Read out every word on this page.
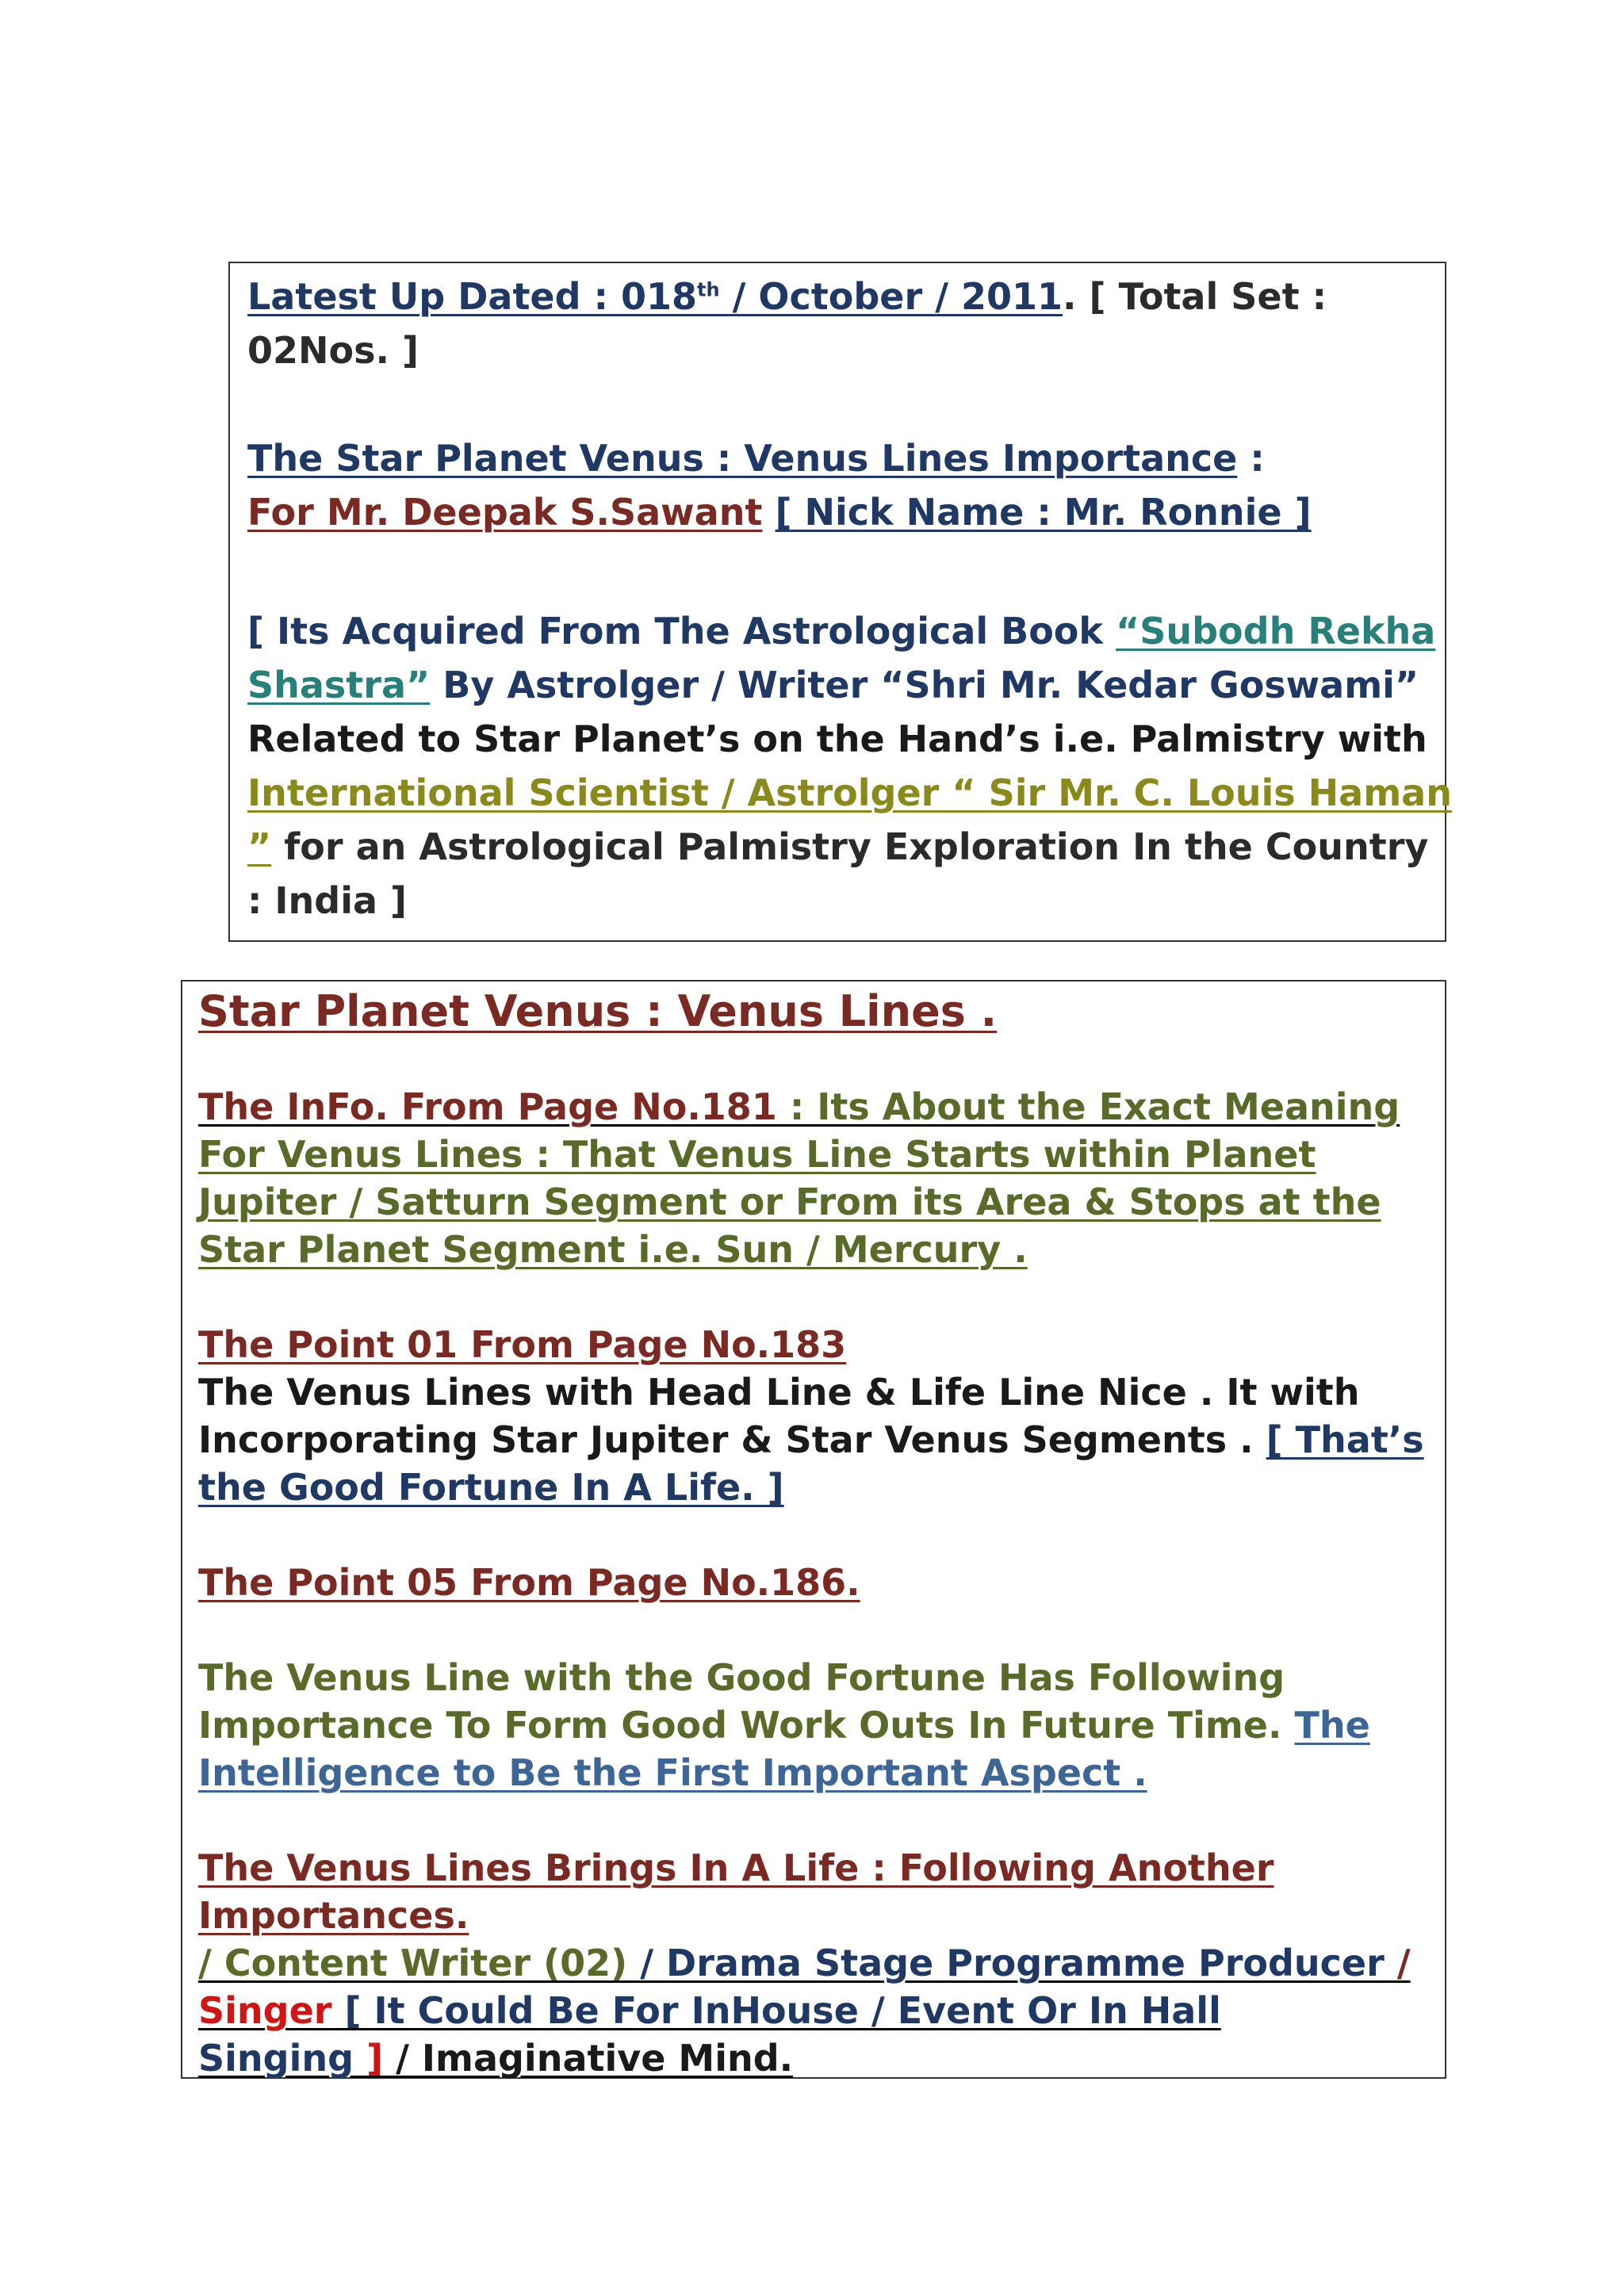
Latest Up Dated : 018th / October / 2011. [ Total Set :

02Nos. ]

The Star Planet Venus : Venus Lines Importance :

For Mr. Deepak S.Sawant [ Nick Name : Mr. Ronnie ]

[ Its Acquired From The Astrological Book “Subodh Rekha

Shastra” By Astrolger / Writer “Shri Mr. Kedar Goswami”

Related to Star Planet’s on the Hand’s i.e. Palmistry with

International Scientist / Astrolger “ Sir Mr. C. Louis Haman

” for an Astrological Palmistry Exploration In the Country

: India ]

Star Planet Venus : Venus Lines .

The InFo. From Page No.181 : Its About the Exact Meaning

For Venus Lines : That Venus Line Starts within Planet

Jupiter / Satturn Segment or From its Area & Stops at the

Star Planet Segment i.e. Sun / Mercury .

The Point 01 From Page No.183

The Venus Lines with Head Line & Life Line Nice . It with

Incorporating Star Jupiter & Star Venus Segments . [ That’s

the Good Fortune In A Life. ]

The Point 05 From Page No.186.

The Venus Line with the Good Fortune Has Following

Importance To Form Good Work Outs In Future Time. The

Intelligence to Be the First Important Aspect .

The Venus Lines Brings In A Life : Following Another

Importances.

/ Content Writer (02) / Drama Stage Programme Producer /

Singer [ It Could Be For InHouse / Event Or In Hall

Singing ] / Imaginative Mind.
